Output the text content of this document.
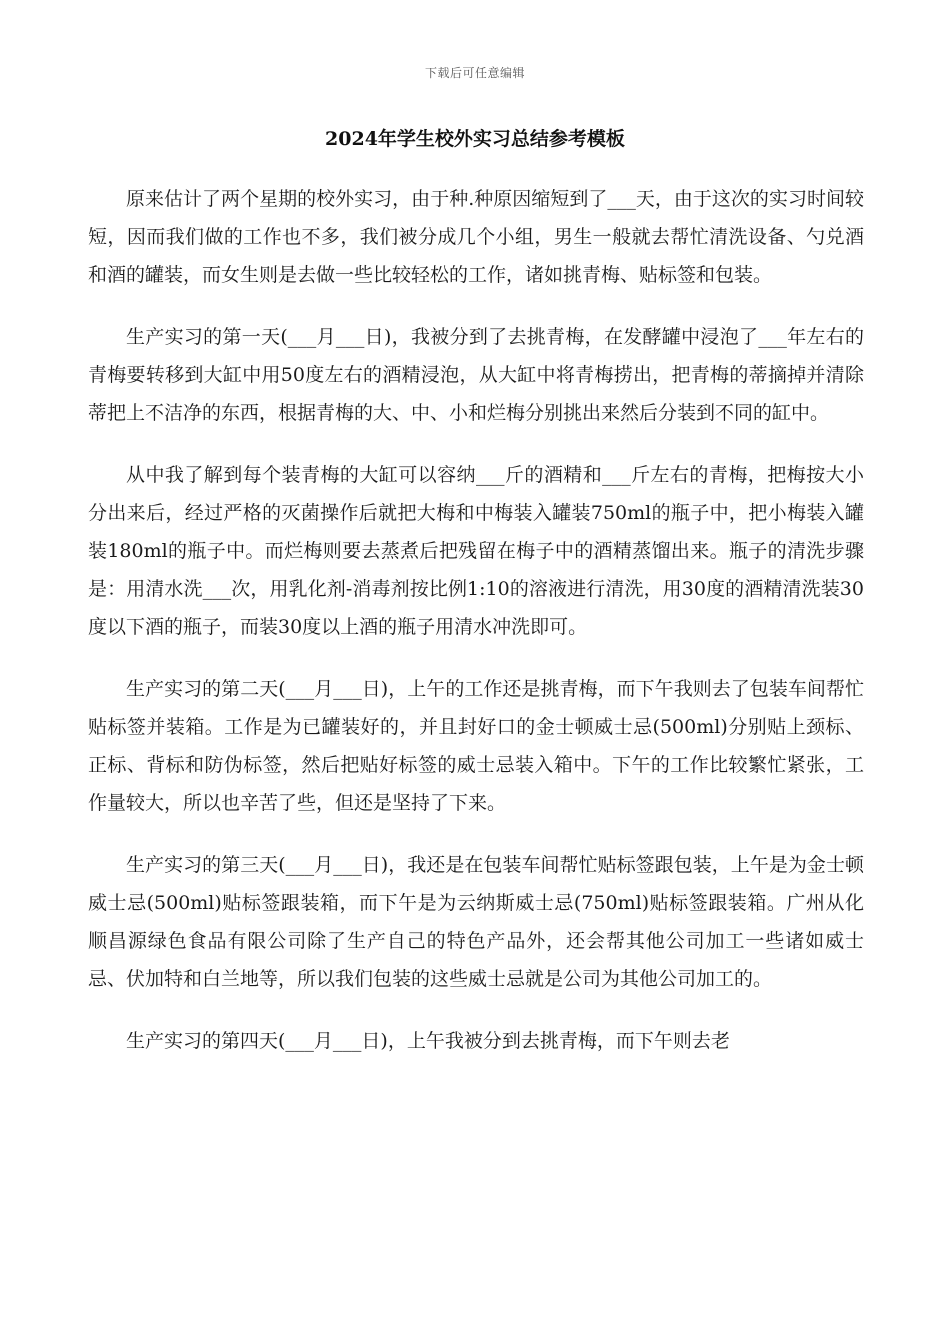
下载后可任意编辑
2024年学生校外实习总结参考模板

原来估计了两个星期的校外实习，由于种.种原因缩短到了___天，由于这次的实习时间较短，因而我们做的工作也不多，我们被分成几个小组，男生一般就去帮忙清洗设备、勺兑酒和酒的罐装，而女生则是去做一些比较轻松的工作，诸如挑青梅、贴标签和包装。

生产实习的第一天(___月___日)，我被分到了去挑青梅，在发酵罐中浸泡了___年左右的青梅要转移到大缸中用50度左右的酒精浸泡，从大缸中将青梅捞出，把青梅的蒂摘掉并清除蒂把上不洁净的东西，根据青梅的大、中、小和烂梅分别挑出来然后分装到不同的缸中。

从中我了解到每个装青梅的大缸可以容纳___斤的酒精和___斤左右的青梅，把梅按大小分出来后，经过严格的灭菌操作后就把大梅和中梅装入罐装750ml的瓶子中，把小梅装入罐装180ml的瓶子中。而烂梅则要去蒸煮后把残留在梅子中的酒精蒸馏出来。瓶子的清洗步骤是：用清水洗___次，用乳化剂-消毒剂按比例1:10的溶液进行清洗，用30度的酒精清洗装30度以下酒的瓶子，而装30度以上酒的瓶子用清水冲洗即可。

生产实习的第二天(___月___日)，上午的工作还是挑青梅，而下午我则去了包装车间帮忙贴标签并装箱。工作是为已罐装好的，并且封好口的金士顿威士忌(500ml)分别贴上颈标、正标、背标和防伪标签，然后把贴好标签的威士忌装入箱中。下午的工作比较繁忙紧张，工作量较大，所以也辛苦了些，但还是坚持了下来。

生产实习的第三天(___月___日)，我还是在包装车间帮忙贴标签跟包装，上午是为金士顿威士忌(500ml)贴标签跟装箱，而下午是为云纳斯威士忌(750ml)贴标签跟装箱。广州从化顺昌源绿色食品有限公司除了生产自己的特色产品外，还会帮其他公司加工一些诸如威士忌、伏加特和白兰地等，所以我们包装的这些威士忌就是公司为其他公司加工的。

生产实习的第四天(___月___日)，上午我被分到去挑青梅，而下午则去老
